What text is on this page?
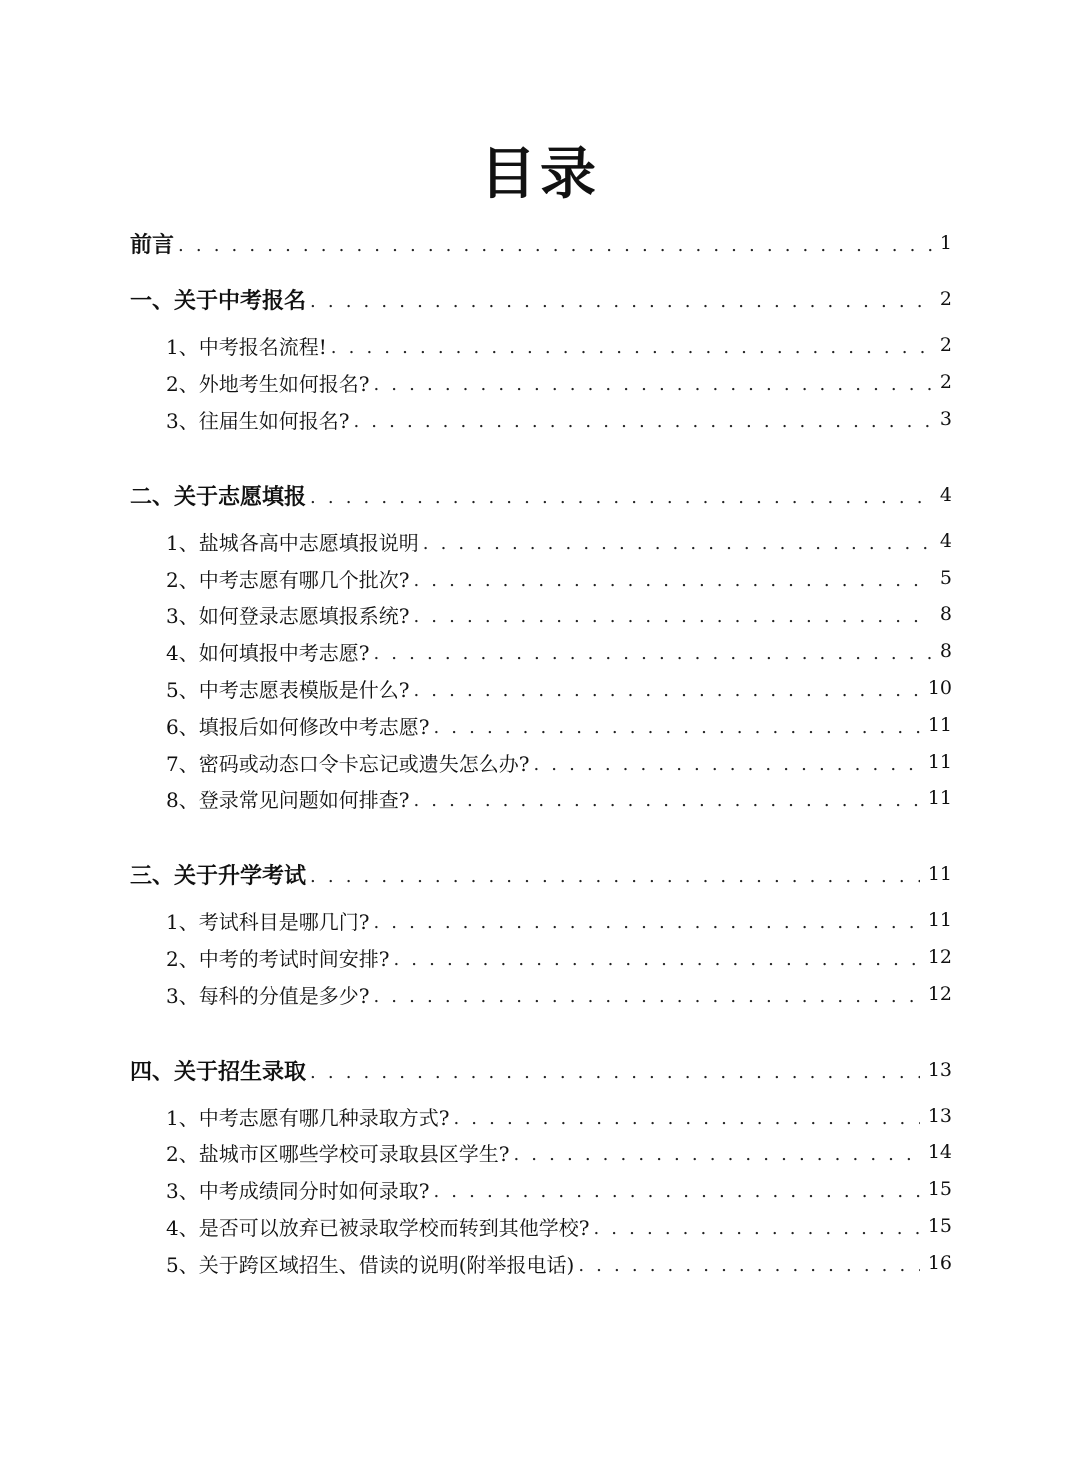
目录
前言 . . .	1
一、关于中考报名 . . .	2
1、中考报名流程! . . .	2
2、外地考生如何报名? . . .	2
3、往届生如何报名? . . .	3
二、关于志愿填报 . . .	4
1、盐城各高中志愿填报说明 . . .	4
2、中考志愿有哪几个批次? . . .	5
3、如何登录志愿填报系统? . . .	8
4、如何填报中考志愿? . . .	8
5、中考志愿表模版是什么? . . .	10
6、填报后如何修改中考志愿? . . .	11
7、密码或动态口令卡忘记或遗失怎么办? . . .	11
8、登录常见问题如何排查? . . .	11
三、关于升学考试 . . .	11
1、考试科目是哪几门? . . .	11
2、中考的考试时间安排? . . .	12
3、每科的分值是多少? . . .	12
四、关于招生录取 . . .	13
1、中考志愿有哪几种录取方式? . . .	13
2、盐城市区哪些学校可录取县区学生? . . .	14
3、中考成绩同分时如何录取? . . .	15
4、是否可以放弃已被录取学校而转到其他学校? . . .	15
5、关于跨区域招生、借读的说明(附举报电话) . . .	16
